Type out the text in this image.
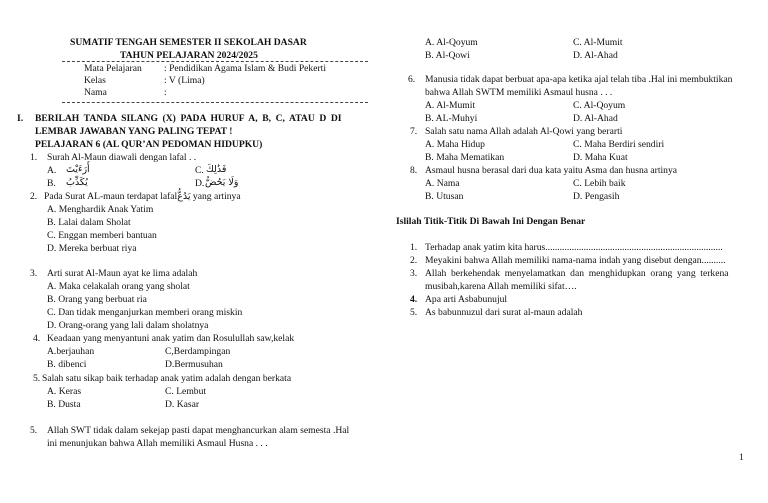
SUMATIF TENGAH SEMESTER II SEKOLAH DASAR
TAHUN PELAJARAN 2024/2025
Mata Pelajaran : Pendidikan Agama Islam & Budi Pekerti
Kelas	: V (Lima)
Nama	:
I. BERILAH TANDA SILANG (X) PADA HURUF A, B, C, ATAU D DI
LEMBAR JAWABAN YANG PALING TEPAT !
PELAJARAN 6 (AL QUR’AN PEDOMAN HIDUPKU)
1. Surah Al-Maun diawali dengan lafal . .
A. أَرَءَيْتَ	C. فَذَٰلِكَ
B. يُكَذِّبُ	D. وَلَا يَحُضُّ
2. Pada Surat AL-maun terdapat lafalيَدُعُّ yang artinya
A. Menghardik Anak Yatim
B. Lalai dalam Sholat
C. Enggan memberi bantuan
D. Mereka berbuat riya
3. Arti surat Al-Maun ayat ke lima adalah
A. Maka celakalah orang yang sholat
B. Orang yang berbuat ria
C. Dan tidak menganjurkan memberi orang miskin
D. Orang-orang yang lali dalam sholatnya
4. Keadaan yang menyantuni anak yatim dan Rosulullah saw,kelak
A.berjauhan	C,Berdampingan
B. dibenci	D.Bermusuhan
5. Salah satu sikap baik terhadap anak yatim adalah dengan berkata
A. Keras	C. Lembut
B. Dusta	D. Kasar
5. Allah SWT tidak dalam sekejap pasti dapat menghancurkan alam semesta .Hal
ini menunjukan bahwa Allah memiliki Asmaul Husna . . .
A. Al-Qoyum	C. Al-Mumit
B. Al-Qowi	D. Al-Ahad
6. Manusia tidak dapat berbuat apa-apa ketika ajal telah tiba .Hal ini membuktikan
bahwa Allah SWTM memiliki Asmaul husna . . .
A. Al-Mumit	C. Al-Qoyum
B. AL-Muhyi	D. Al-Ahad
7. Salah satu nama Allah adalah Al-Qowi yang berarti
A. Maha Hidup	C. Maha Berdiri sendiri
B. Maha Mematikan	D. Maha Kuat
8. Asmaul husna berasal dari dua kata yaitu Asma dan husna artinya
A. Nama	C. Lebih baik
B. Utusan	D. Pengasih
Islilah Titik-Titik Di Bawah Ini Dengan Benar
1. Terhadap anak yatim kita harus..........................................................................
2. Meyakini bahwa Allah memiliki nama-nama indah yang disebut dengan..........
3. Allah berkehendak menyelamatkan dan menghidupkan orang yang terkena
musibah,karena Allah memiliki sifat….
4. Apa arti Asbabunujul
5. As babunnuzul dari surat al-maun adalah
1
